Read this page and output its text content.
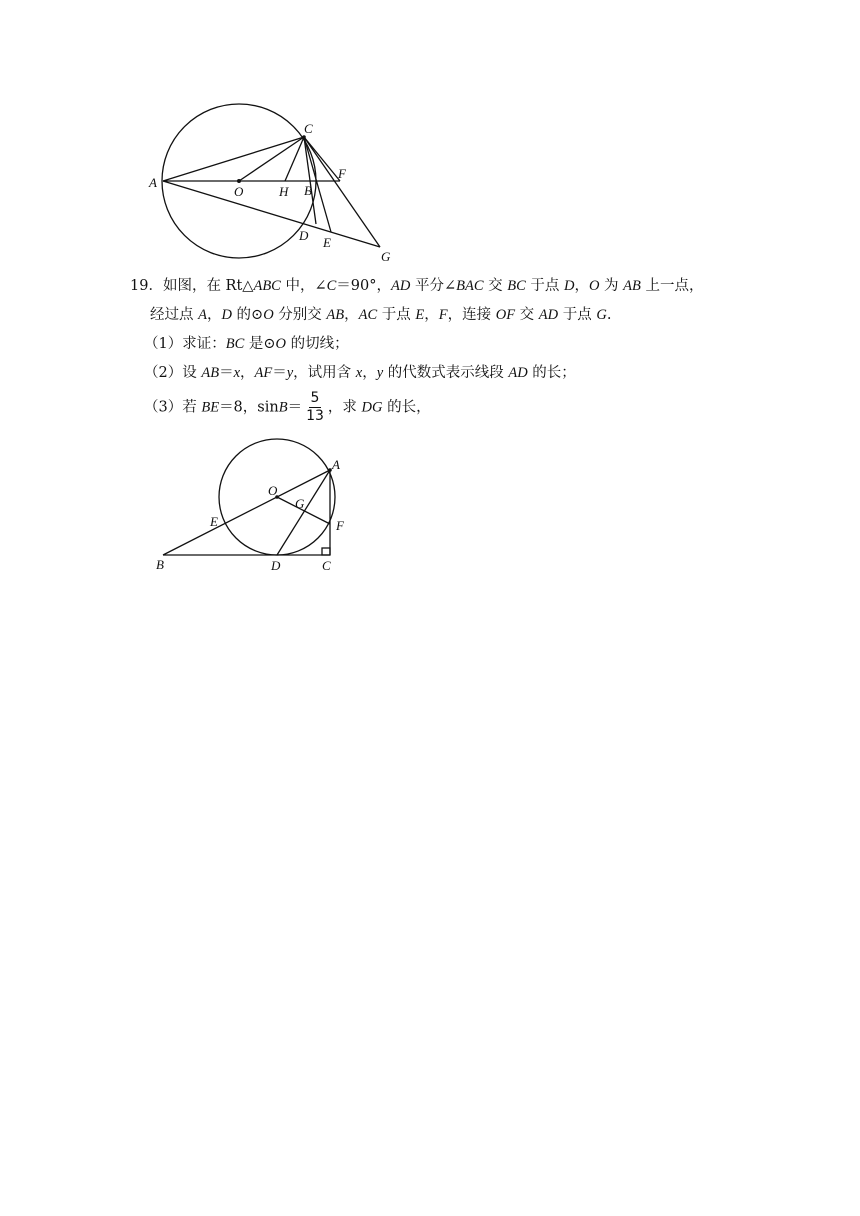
A
O	H B
C
F
D E
G
19．如图，在 Rt△ABC 中，∠C＝90°，AD 平分∠BAC 交 BC 于点 D，O 为 AB 上一点，
经过点 A，D 的⊙O 分别交 AB，AC 于点 E，F，连接 OF 交 AD 于点 G.
（1）求证：BC 是⊙O 的切线；
（2）设 AB＝x，AF＝y，试用含 x，y 的代数式表示线段 AD 的长；
（3）若 BE＝8，$\sin B= \frac{5}{13}$ ，求 DG 的长，
A
O
G
E	F
B	D	C
